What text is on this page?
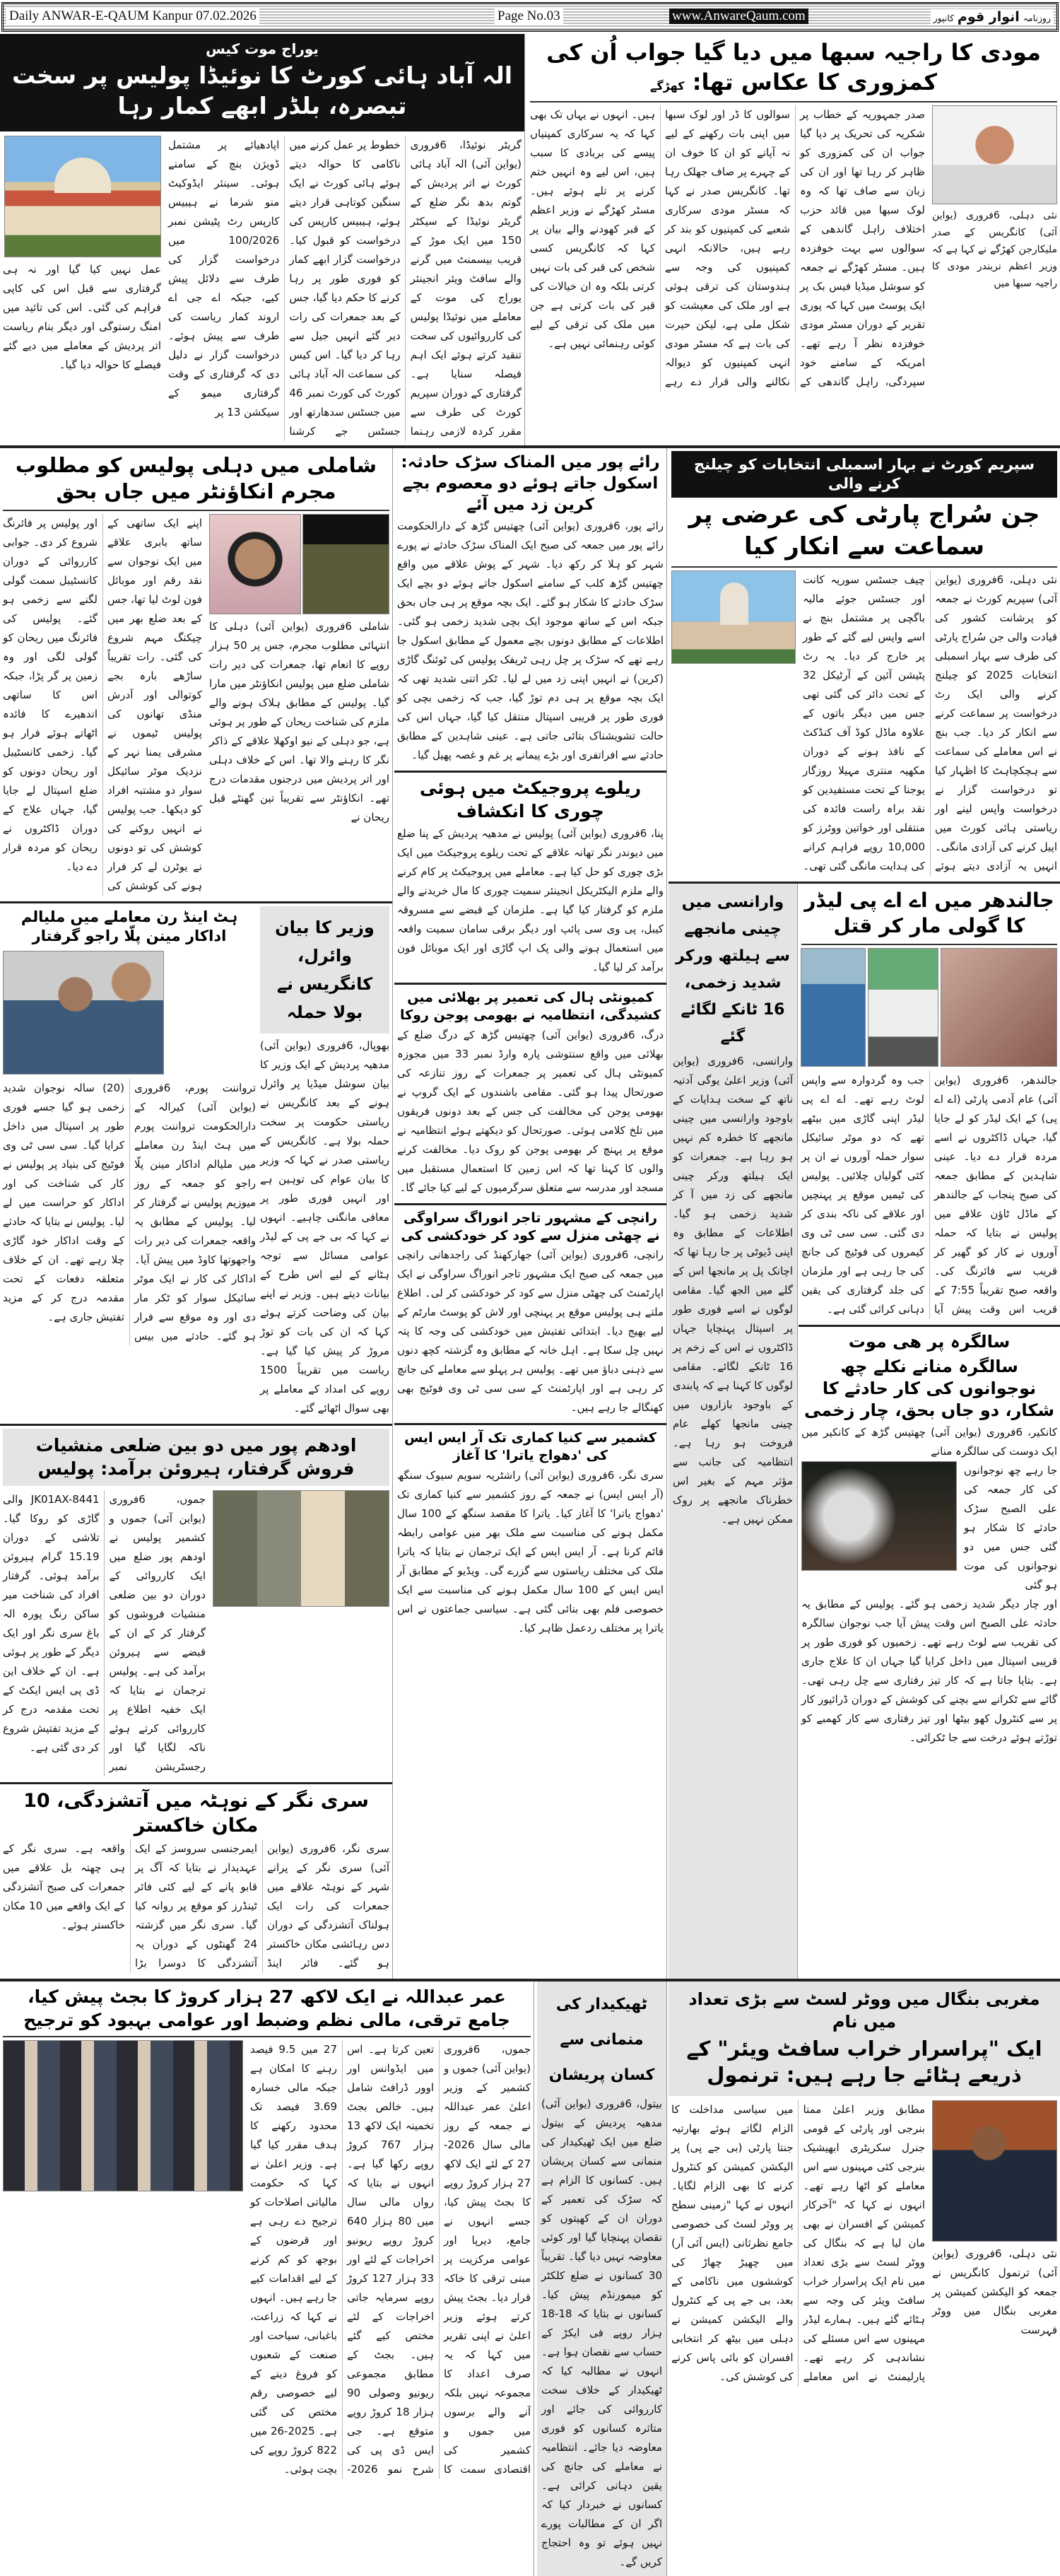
Daily ANWAR-E-QAUM Kanpur 07.02.2026	Page No.03	www.AnwareQaum.com	روزنامہ انوار قوم کانپور
مودی کا راجیہ سبھا میں دیا گیا جواب اُن کی کمزوری کا عکاس تھا: کھڑگے
نئی دہلی، 6فروری (یواین آئی) کانگریس کے صدر ملیکارجن کھڑگے نے کہا ہے کہ وزیر اعظم نریندر مودی کا راجیہ سبھا میں
صدر جمہوریہ کے خطاب پر شکریہ کی تحریک پر دیا گیا جواب ان کی کمزوری کو ظاہر کر رہا تھا اور ان کی زبان سے صاف تھا کہ وہ لوک سبھا میں قائد حزب اختلاف راہل گاندھی کے سوالوں سے بہت خوفزدہ ہیں۔ مسٹر کھڑگے نے جمعہ کو سوشل میڈیا فیس بک پر ایک پوسٹ میں کہا کہ پوری تقریر کے دوران مسٹر مودی خوفزدہ نظر آ رہے تھے۔ امریکہ کے سامنے خود سپردگی، راہل گاندھی کے سوالوں کا ڈر اور لوک سبھا میں اپنی بات رکھنے کے لیے نہ آپانے کو ان کا خوف ان کے چہرے پر صاف جھلک رہا تھا۔ کانگریس صدر نے کہا کہ مسٹر مودی سرکاری شعبے کی کمپنیوں کو بند کر رہے ہیں، حالانکہ انہی کمپنیوں کی وجہ سے ہندوستان کی ترقی ہوئی ہے اور ملک کی معیشت کو شکل ملی ہے، لیکن حیرت کی بات ہے کہ مسٹر مودی انہی کمپنیوں کو دیوالہ نکالنے والی قرار دے رہے ہیں۔ انہوں نے یہاں تک بھی کہا کہ یہ سرکاری کمپنیاں پیسے کی بربادی کا سبب ہیں، اس لیے وہ انہیں ختم کرنے پر تلے ہوئے ہیں۔ مسٹر کھڑگے نے وزیر اعظم کے قبر کھودنے والے بیان پر کہا کہ کانگریس کسی شخص کی قبر کی بات نہیں کرتی بلکہ وہ ان خیالات کی قبر کی بات کرتی ہے جن میں ملک کی ترقی کے لیے کوئی رہنمائی نہیں ہے۔
یوراج موت کیس
الہ آباد ہائی کورٹ کا نوئیڈا پولیس پر سخت تبصرہ، بلڈر ابھے کمار رہا
گریٹر نوئیڈا، 6فروری (یواین آئی) الہ آباد ہائی کورٹ نے اتر پردیش کے گوتم بدھ نگر ضلع کے گریٹر نوئیڈا کے سیکٹر 150 میں ایک موڑ کے قریب بیسمنٹ میں گرنے والے سافٹ ویئر انجینئر یوراج کی موت کے معاملے میں نوئیڈا پولیس کی کارروائیوں کی سخت تنقید کرتے ہوئے ایک اہم فیصلہ سنایا ہے۔ گرفتاری کے دوران سپریم کورٹ کی طرف سے مقرر کردہ لازمی رہنما خطوط پر عمل کرنے میں ناکامی کا حوالہ دیتے ہوئے ہائی کورٹ نے ایک سنگین کوتاہی قرار دیتے ہوئے، ہیبیس کارپس کی درخواست کو قبول کیا۔ درخواست گزار ابھے کمار کو فوری طور پر رہا کرنے کا حکم دیا گیا، جس کے بعد جمعرات کی رات دیر گئے انہیں جیل سے رہا کر دیا گیا۔ اس کیس کی سماعت الہ آباد ہائی کورٹ کی کورٹ نمبر 46 میں جسٹس سدھارتھ اور جسٹس جے کرشنا اپادھیائے پر مشتمل ڈویژن بنچ کے سامنے ہوئی۔ سینئر ایڈوکیٹ منو شرما نے ہیبیس کارپس رٹ پٹیشن نمبر 100/2026 میں درخواست گزار کی طرف سے دلائل پیش کیے، جبکہ اے جی اے اروند کمار ریاست کی طرف سے پیش ہوئے۔ درخواست گزار نے دلیل دی کہ گرفتاری کے وقت گرفتاری میمو کے سیکشن 13 پر
عمل نہیں کیا گیا اور نہ ہی گرفتاری سے قبل اس کی کاپی فراہم کی گئی۔ اس کی تائید میں امنگ رستوگی اور دیگر بنام ریاست اتر پردیش کے معاملے میں دیے گئے فیصلے کا حوالہ دیا گیا۔
سپریم کورٹ نے بہار اسمبلی انتخابات کو چیلنج کرنے والی
جن سُراج پارٹی کی عرضی پر سماعت سے انکار کیا
نئی دہلی، 6فروری (یواین آئی) سپریم کورٹ نے جمعہ کو پرشانت کشور کی قیادت والی جن سُراج پارٹی کی طرف سے بہار اسمبلی انتخابات 2025 کو چیلنج کرنے والی ایک رٹ درخواست پر سماعت کرنے سے انکار کر دیا۔ جب بنچ نے اس معاملے کی سماعت سے ہچکچاہٹ کا اظہار کیا تو درخواست گزار نے درخواست واپس لینے اور ریاستی ہائی کورٹ میں اپیل کرنے کی آزادی مانگی۔ انہیں یہ آزادی دیتے ہوئے چیف جسٹس سوریہ کانت اور جسٹس جوئے مالیہ باگچی پر مشتمل بنچ نے اسے واپس لیے گئے کے طور پر خارج کر دیا۔ یہ رٹ پٹیشن آئین کے آرٹیکل 32 کے تحت دائر کی گئی تھی جس میں دیگر باتوں کے علاوہ ماڈل کوڈ آف کنڈکٹ کے نافذ ہونے کے دوران مکھیہ منتری مہیلا روزگار یوجنا کے تحت مستفیدین کو نقد براہ راست فائدہ کی منتقلی اور خواتین ووٹرز کو 10,000 روپے فراہم کرانے کی ہدایت مانگی گئی تھی۔
جالندھر میں اے اے پی لیڈر کا گولی مار کر قتل
جالندھر، 6فروری (یواین آئی) عام آدمی پارٹی (اے اے پی) کے ایک لیڈر کو لے جایا گیا، جہاں ڈاکٹروں نے اسے مردہ قرار دے دیا۔ عینی شاہدین کے مطابق جمعہ کی صبح پنجاب کے جالندھر کے ماڈل ٹاؤن علاقے میں پولیس نے بتایا کہ حملہ آوروں نے کار کو گھیر کر قریب سے فائرنگ کی۔ واقعہ صبح تقریباً 7:55 کے قریب اس وقت پیش آیا جب وہ گردوارہ سے واپس لوٹ رہے تھے۔ اے اے پی لیڈر اپنی گاڑی میں بیٹھے تھے کہ دو موٹر سائیکل سوار حملہ آوروں نے ان پر کئی گولیاں چلائیں۔ پولیس کی ٹیمیں موقع پر پہنچیں اور علاقے کی ناکہ بندی کر دی گئی۔ سی سی ٹی وی کیمروں کی فوٹیج کی جانچ کی جا رہی ہے اور ملزمان کی جلد گرفتاری کی یقین دہانی کرائی گئی ہے۔
سالگرہ پر ھی موت
سالگرہ منانے نکلے چھ نوجوانوں کی کار حادثے کا شکار، دو جاں بحق، چار زخمی
کانکیر، 6فروری (یواین آئی) چھتیس گڑھ کے کانکیر میں ایک دوست کی سالگرہ منانے
جا رہے چھ نوجوانوں کی کار جمعہ کی علی الصبح سڑک حادثے کا شکار ہو گئی جس میں دو نوجوانوں کی موت ہو گئی
اور چار دیگر شدید زخمی ہو گئے۔ پولیس کے مطابق یہ حادثہ علی الصبح اس وقت پیش آیا جب نوجوان سالگرہ کی تقریب سے لوٹ رہے تھے۔ زخمیوں کو فوری طور پر قریبی اسپتال میں داخل کرایا گیا جہاں ان کا علاج جاری ہے۔ بتایا جاتا ہے کہ کار تیز رفتاری سے چل رہی تھی۔ گائے سے ٹکرانے سے بچنے کی کوشش کے دوران ڈرائیور کار پر سے کنٹرول کھو بیٹھا اور تیز رفتاری سے کار کھمبے کو توڑتے ہوئے درخت سے جا ٹکرائی۔
وارانسی میں چینی مانجھے سے ہیلتھ ورکر شدید زخمی، 16 ٹانکے لگائے گئے
وارانسی، 6فروری (یواین آئی) وزیر اعلیٰ یوگی آدتیہ ناتھ کے سخت ہدایات کے باوجود وارانسی میں چینی مانجھے کا خطرہ کم نہیں ہو رہا ہے۔ جمعرات کو ایک ہیلتھ ورکر چینی مانجھے کی زد میں آ کر شدید زخمی ہو گیا۔ اطلاعات کے مطابق وہ اپنی ڈیوٹی پر جا رہا تھا کہ اچانک پل پر مانجھا اس کے گلے میں الجھ گیا۔ مقامی لوگوں نے اسے فوری طور پر اسپتال پہنچایا جہاں ڈاکٹروں نے اس کے زخم پر 16 ٹانکے لگائے۔ مقامی لوگوں کا کہنا ہے کہ پابندی کے باوجود بازاروں میں چینی مانجھا کھلے عام فروخت ہو رہا ہے۔ انتظامیہ کی جانب سے مؤثر مہم کے بغیر اس خطرناک مانجھے پر روک ممکن نہیں ہے۔
رائے پور میں المناک سڑک حادثہ: اسکول جاتے ہوئے دو معصوم بچے کرین زد میں آئے
رائے پور، 6فروری (یواین آئی) چھتیس گڑھ کے دارالحکومت رائے پور میں جمعہ کی صبح ایک المناک سڑک حادثے نے پورے شہر کو ہلا کر رکھ دیا۔ شہر کے پوش علاقے میں واقع چھتیس گڑھ کلب کے سامنے اسکول جاتے ہوئے دو بچے ایک سڑک حادثے کا شکار ہو گئے۔ ایک بچہ موقع پر ہی جاں بحق جبکہ اس کے ساتھ موجود ایک بچی شدید زخمی ہو گئی۔ اطلاعات کے مطابق دونوں بچے معمول کے مطابق اسکول جا رہے تھے کہ سڑک پر چل رہی ٹریفک پولیس کی ٹوئنگ گاڑی (کرین) نے انہیں اپنی زد میں لے لیا۔ ٹکر اتنی شدید تھی کہ ایک بچہ موقع پر ہی دم توڑ گیا، جب کہ زخمی بچی کو فوری طور پر قریبی اسپتال منتقل کیا گیا، جہاں اس کی حالت تشویشناک بتائی جاتی ہے۔ عینی شاہدین کے مطابق حادثے سے افراتفری اور بڑے پیمانے پر غم و غصہ پھیل گیا۔
ریلوے پروجیکٹ میں ہوئی چوری کا انکشاف
پنا، 6فروری (یواین آئی) پولیس نے مدھیہ پردیش کے پنا ضلع میں دیوندر نگر تھانہ علاقے کے تحت ریلوے پروجیکٹ میں ایک بڑی چوری کو حل کیا ہے۔ معاملے میں پروجیکٹ پر کام کرنے والے ملزم الیکٹریکل انجینئر سمیت چوری کا مال خریدنے والے ملزم کو گرفتار کیا گیا ہے۔ ملزمان کے قبضے سے مسروقہ کیبل، پی وی سی پائپ اور دیگر برقی سامان سمیت واقعہ میں استعمال ہونے والی پک اپ گاڑی اور ایک موبائل فون برآمد کر لیا گیا۔
کمیونٹی ہال کی تعمیر پر بھلائی میں کشیدگی، انتظامیہ نے بھومی پوجن روکا
درگ، 6فروری (یواین آئی) چھتیس گڑھ کے درگ ضلع کے بھلائی میں واقع سنتوشی پارہ وارڈ نمبر 33 میں مجوزہ کمیونٹی ہال کی تعمیر پر جمعرات کے روز تنازعہ کی صورتحال پیدا ہو گئی۔ مقامی باشندوں کے ایک گروپ نے بھومی پوجن کی مخالفت کی جس کے بعد دونوں فریقوں میں تلخ کلامی ہوئی۔ صورتحال کو دیکھتے ہوئے انتظامیہ نے موقع پر پہنچ کر بھومی پوجن کو روک دیا۔ مخالفت کرنے والوں کا کہنا تھا کہ اس زمین کا استعمال مستقبل میں مسجد اور مدرسہ سے متعلق سرگرمیوں کے لیے کیا جائے گا۔
رانچی کے مشہور تاجر انوراگ سراوگی نے چھٹی منزل سے کود کر خودکشی کی
رانچی، 6فروری (یواین آئی) جھارکھنڈ کی راجدھانی رانچی میں جمعہ کی صبح ایک مشہور تاجر انوراگ سراوگی نے ایک اپارٹمنٹ کی چھٹی منزل سے کود کر خودکشی کر لی۔ اطلاع ملتے ہی پولیس موقع پر پہنچی اور لاش کو پوسٹ مارٹم کے لیے بھیج دیا۔ ابتدائی تفتیش میں خودکشی کی وجہ کا پتہ نہیں چل سکا ہے۔ اہل خانہ کے مطابق وہ گزشتہ کچھ دنوں سے ذہنی دباؤ میں تھے۔ پولیس ہر پہلو سے معاملے کی جانچ کر رہی ہے اور اپارٹمنٹ کے سی سی ٹی وی فوٹیج بھی کھنگالے جا رہے ہیں۔
کشمیر سے کنیا کماری تک آر ایس ایس کی 'دھواج یاترا' کا آغاز
سری نگر، 6فروری (یواین آئی) راشٹریہ سویم سیوک سنگھ (آر ایس ایس) نے جمعہ کے روز کشمیر سے کنیا کماری تک 'دھواج یاترا' کا آغاز کیا۔ یاترا کا مقصد سنگھ کے 100 سال مکمل ہونے کی مناسبت سے ملک بھر میں عوامی رابطہ قائم کرنا ہے۔ آر ایس ایس کے ایک ترجمان نے بتایا کہ یاترا ملک کی مختلف ریاستوں سے گزرے گی۔ ویڈیو کے مطابق آر ایس ایس کے 100 سال مکمل ہونے کی مناسبت سے ایک خصوصی فلم بھی بنائی گئی ہے۔ سیاسی جماعتوں نے اس یاترا پر مختلف ردعمل ظاہر کیا۔
شاملی میں دہلی پولیس کو مطلوب مجرم انکاؤنٹر میں جاں بحق
شاملی 6فروری (یواین آئی) دہلی کا انتہائی مطلوب مجرم، جس پر 50 ہزار روپے کا انعام تھا، جمعرات کی دیر رات شاملی ضلع میں پولیس انکاؤنٹر میں مارا گیا۔ پولیس کے مطابق ہلاک ہونے والے ملزم کی شناخت ریحان کے طور پر ہوئی ہے، جو دہلی کے نیو اوکھلا علاقے کے ذاکر نگر کا رہنے والا تھا۔ اس کے خلاف دہلی اور اتر پردیش میں درجنوں مقدمات درج تھے۔ انکاؤنٹر سے تقریباً تین گھنٹے قبل ریحان نے
اپنے ایک ساتھی کے ساتھ بابری علاقے میں ایک نوجوان سے نقد رقم اور موبائل فون لوٹ لیا تھا، جس کے بعد ضلع بھر میں چیکنگ مہم شروع کی گئی۔ رات تقریباً ساڑھے بارہ بجے کوتوالی اور آدرش منڈی تھانوں کی پولیس ٹیموں نے مشرقی یمنا نہر کے نزدیک موٹر سائیکل سوار دو مشتبہ افراد کو دیکھا۔ جب پولیس نے انہیں روکنے کی کوشش کی تو دونوں نے یوٹرن لے کر فرار ہونے کی کوشش کی اور پولیس پر فائرنگ شروع کر دی۔ جوابی کارروائی کے دوران کانسٹیبل سمت گولی لگنے سے زخمی ہو گئے۔ پولیس کی فائرنگ میں ریحان کو گولی لگی اور وہ زمین پر گر پڑا، جبکہ اس کا ساتھی اندھیرے کا فائدہ اٹھاتے ہوئے فرار ہو گیا۔ زخمی کانسٹیبل اور ریحان دونوں کو ضلع اسپتال لے جایا گیا، جہاں علاج کے دوران ڈاکٹروں نے ریحان کو مردہ قرار دے دیا۔
وزیر کا بیان وائرل، کانگریس نے بولا حملہ
بھوپال، 6فروری (یواین آئی) مدھیہ پردیش کے ایک وزیر کا بیان سوشل میڈیا پر وائرل ہونے کے بعد کانگریس نے ریاستی حکومت پر سخت حملہ بولا ہے۔ کانگریس کے ریاستی صدر نے کہا کہ وزیر کا بیان عوام کی توہین ہے اور انہیں فوری طور پر معافی مانگنی چاہیے۔ انہوں نے کہا کہ بی جے پی کے لیڈر عوامی مسائل سے توجہ ہٹانے کے لیے اس طرح کے بیانات دیتے ہیں۔ وزیر نے اپنے بیان کی وضاحت کرتے ہوئے کہا کہ ان کی بات کو توڑ مروڑ کر پیش کیا گیا ہے۔ ریاست میں تقریباً 1500 روپے کی امداد کے معاملے پر بھی سوال اٹھائے گئے۔
ہٹ اینڈ رن معاملے میں ملیالم اداکار مینن پلّا راجو گرفتار
ترواننت پورم، 6فروری (یواین آئی) کیرالہ کے دارالحکومت ترواننت پورم میں ہٹ اینڈ رن معاملے میں ملیالم اداکار مینن پلّا راجو کو جمعہ کے روز میوزیم پولیس نے گرفتار کر لیا۔ پولیس کے مطابق یہ واقعہ جمعرات کی دیر رات واجھوتھا کاوڈ میں پیش آیا۔ اداکار کی کار نے ایک موٹر سائیکل سوار کو ٹکر مار دی اور وہ موقع سے فرار ہو گئے۔ حادثے میں بیس (20) سالہ نوجوان شدید زخمی ہو گیا جسے فوری طور پر اسپتال میں داخل کرایا گیا۔ سی سی ٹی وی فوٹیج کی بنیاد پر پولیس نے کار کی شناخت کی اور اداکار کو حراست میں لے لیا۔ پولیس نے بتایا کہ حادثے کے وقت اداکار خود گاڑی چلا رہے تھے۔ ان کے خلاف متعلقہ دفعات کے تحت مقدمہ درج کر کے مزید تفتیش جاری ہے۔
اودھم پور میں دو بین ضلعی منشیات فروش گرفتار، ہیروئن برآمد: پولیس
جموں، 6فروری (یواین آئی) جموں و کشمیر پولیس نے اودھم پور ضلع میں ایک کارروائی کے دوران دو بین ضلعی منشیات فروشوں کو گرفتار کر کے ان کے قبضے سے ہیروئن برآمد کی ہے۔ پولیس ترجمان نے بتایا کہ ایک خفیہ اطلاع پر کارروائی کرتے ہوئے ناکہ لگایا گیا اور رجسٹریشن نمبر JK01AX-8441 والی گاڑی کو روکا گیا۔ تلاشی کے دوران 15.19 گرام ہیروئن برآمد ہوئی۔ گرفتار افراد کی شناخت میر ساکن رنگ پورہ الہ باغ سری نگر اور ایک دیگر کے طور پر ہوئی ہے۔ ان کے خلاف این ڈی پی ایس ایکٹ کے تحت مقدمہ درج کر کے مزید تفتیش شروع کر دی گئی ہے۔
سری نگر کے نوہٹہ میں آتشزدگی، 10 مکان خاکستر
سری نگر، 6فروری (یواین آئی) سری نگر کے پرانے شہر کے نوہٹہ علاقے میں جمعرات کی رات ایک ہولناک آتشزدگی کے دوران دس رہائشی مکان خاکستر ہو گئے۔ فائر اینڈ ایمرجنسی سروسز کے ایک عہدیدار نے بتایا کہ آگ پر قابو پانے کے لیے کئی فائر ٹینڈرز کو موقع پر روانہ کیا گیا۔ سری نگر میں گزشتہ 24 گھنٹوں کے دوران یہ آتشزدگی کا دوسرا بڑا واقعہ ہے۔ سری نگر کے ہی چھتہ بل علاقے میں جمعرات کی صبح آتشزدگی کے ایک واقعے میں 10 مکان خاکستر ہوئے۔
مغربی بنگال میں ووٹر لسٹ سے بڑی تعداد میں نام
ایک "پراسرار خراب سافٹ ویئر" کے ذریعے ہٹائے جا رہے ہیں: ترنمول
نئی دہلی، 6فروری (یواین آئی) ترنمول کانگریس نے جمعہ کو الیکشن کمیشن پر مغربی بنگال میں ووٹر فہرست
مطابق وزیر اعلیٰ ممتا بنرجی اور پارٹی کے قومی جنرل سکریٹری ابھیشیک بنرجی کئی مہینوں سے اس معاملے کو اٹھا رہے تھے۔ انہوں نے کہا کہ "آخرکار کمیشن کے افسران نے بھی مان لیا ہے کہ بنگال کی ووٹر لسٹ سے بڑی تعداد میں نام ایک پراسرار خراب سافٹ ویئر کی وجہ سے ہٹائے گئے ہیں۔ ہمارے لیڈر مہینوں سے اس مسئلے کی نشاندہی کر رہے تھے۔ پارلیمنٹ نے اس معاملے میں سیاسی مداخلت کا الزام لگاتے ہوئے بھارتیہ جنتا پارٹی (بی جے پی) پر الیکشن کمیشن کو کنٹرول کرنے کا بھی الزام لگایا۔ انہوں نے کہا "زمینی سطح پر ووٹر لسٹ کی خصوصی جامع نظرثانی (ایس آئی آر) میں چھیڑ چھاڑ کی کوششوں میں ناکامی کے بعد، بی جے پی کے کنٹرول والے الیکشن کمیشن نے دہلی میں بیٹھ کر انتخابی افسران کو بائی پاس کرنے کی کوشش کی۔
ٹھیکیدار کی منمانی سے کسان پریشان
بیتول، 6فروری (یواین آئی) مدھیہ پردیش کے بیتول ضلع میں ایک ٹھیکیدار کی منمانی سے کسان پریشان ہیں۔ کسانوں کا الزام ہے کہ سڑک کی تعمیر کے دوران ان کے کھیتوں کو نقصان پہنچایا گیا اور کوئی معاوضہ نہیں دیا گیا۔ تقریباً 30 کسانوں نے ضلع کلکٹر کو میمورنڈم پیش کیا۔ کسانوں نے بتایا کہ 18-18 ہزار روپے فی ایکڑ کے حساب سے نقصان ہوا ہے۔ انہوں نے مطالبہ کیا کہ ٹھیکیدار کے خلاف سخت کارروائی کی جائے اور متاثرہ کسانوں کو فوری معاوضہ دیا جائے۔ انتظامیہ نے معاملے کی جانچ کی یقین دہانی کرائی ہے۔ کسانوں نے خبردار کیا کہ اگر ان کے مطالبات پورے نہیں ہوئے تو وہ احتجاج کریں گے۔
عمر عبداللہ نے ایک لاکھ 27 ہزار کروڑ کا بجٹ پیش کیا، جامع ترقی، مالی نظم وضبط اور عوامی بہبود کو ترجیح
جموں، 6فروری (یواین آئی) جموں و کشمیر کے وزیر اعلیٰ عمر عبداللہ نے جمعہ کے روز مالی سال 2026-27 کے لئے ایک لاکھ 27 ہزار کروڑ روپے کا بجٹ پیش کیا، جسے انہوں نے جامع، دیرپا اور عوامی مرکزیت پر مبنی ترقی کا خاکہ قرار دیا۔ بجٹ پیش کرتے ہوئے وزیر اعلیٰ نے اپنی تقریر میں کہا کہ یہ صرف اعداد کا مجموعہ نہیں بلکہ آنے والے برسوں میں جموں و کشمیر کی اقتصادی سمت کا تعین کرتا ہے۔ اس میں ایڈوانس اور اوور ڈرافٹ شامل ہیں۔ خالص بجٹ تخمینہ ایک لاکھ 13 ہزار 767 کروڑ روپے رکھا گیا ہے۔ انہوں نے بتایا کہ رواں مالی سال میں 80 ہزار 640 کروڑ روپے ریونیو اخراجات کے لئے اور 33 ہزار 127 کروڑ روپے سرمایہ جاتی اخراجات کے لئے مختص کیے گئے ہیں۔ بجٹ کے مطابق مجموعی ریونیو وصولی 90 ہزار 18 کروڑ روپے متوقع ہے۔ جی ایس ڈی پی کی شرح نمو 2026-27 میں 9.5 فیصد رہنے کا امکان ہے جبکہ مالی خسارہ 3.69 فیصد تک محدود رکھنے کا ہدف مقرر کیا گیا ہے۔ وزیر اعلیٰ نے کہا کہ حکومت مالیاتی اصلاحات کو ترجیح دے رہی ہے اور قرضوں کے بوجھ کو کم کرنے کے لیے اقدامات کیے جا رہے ہیں۔ انہوں نے کہا کہ زراعت، باغبانی، سیاحت اور صنعت کے شعبوں کو فروغ دینے کے لیے خصوصی رقم مختص کی گئی ہے۔ 2025-26 میں 822 کروڑ روپے کی بچت ہوئی۔
